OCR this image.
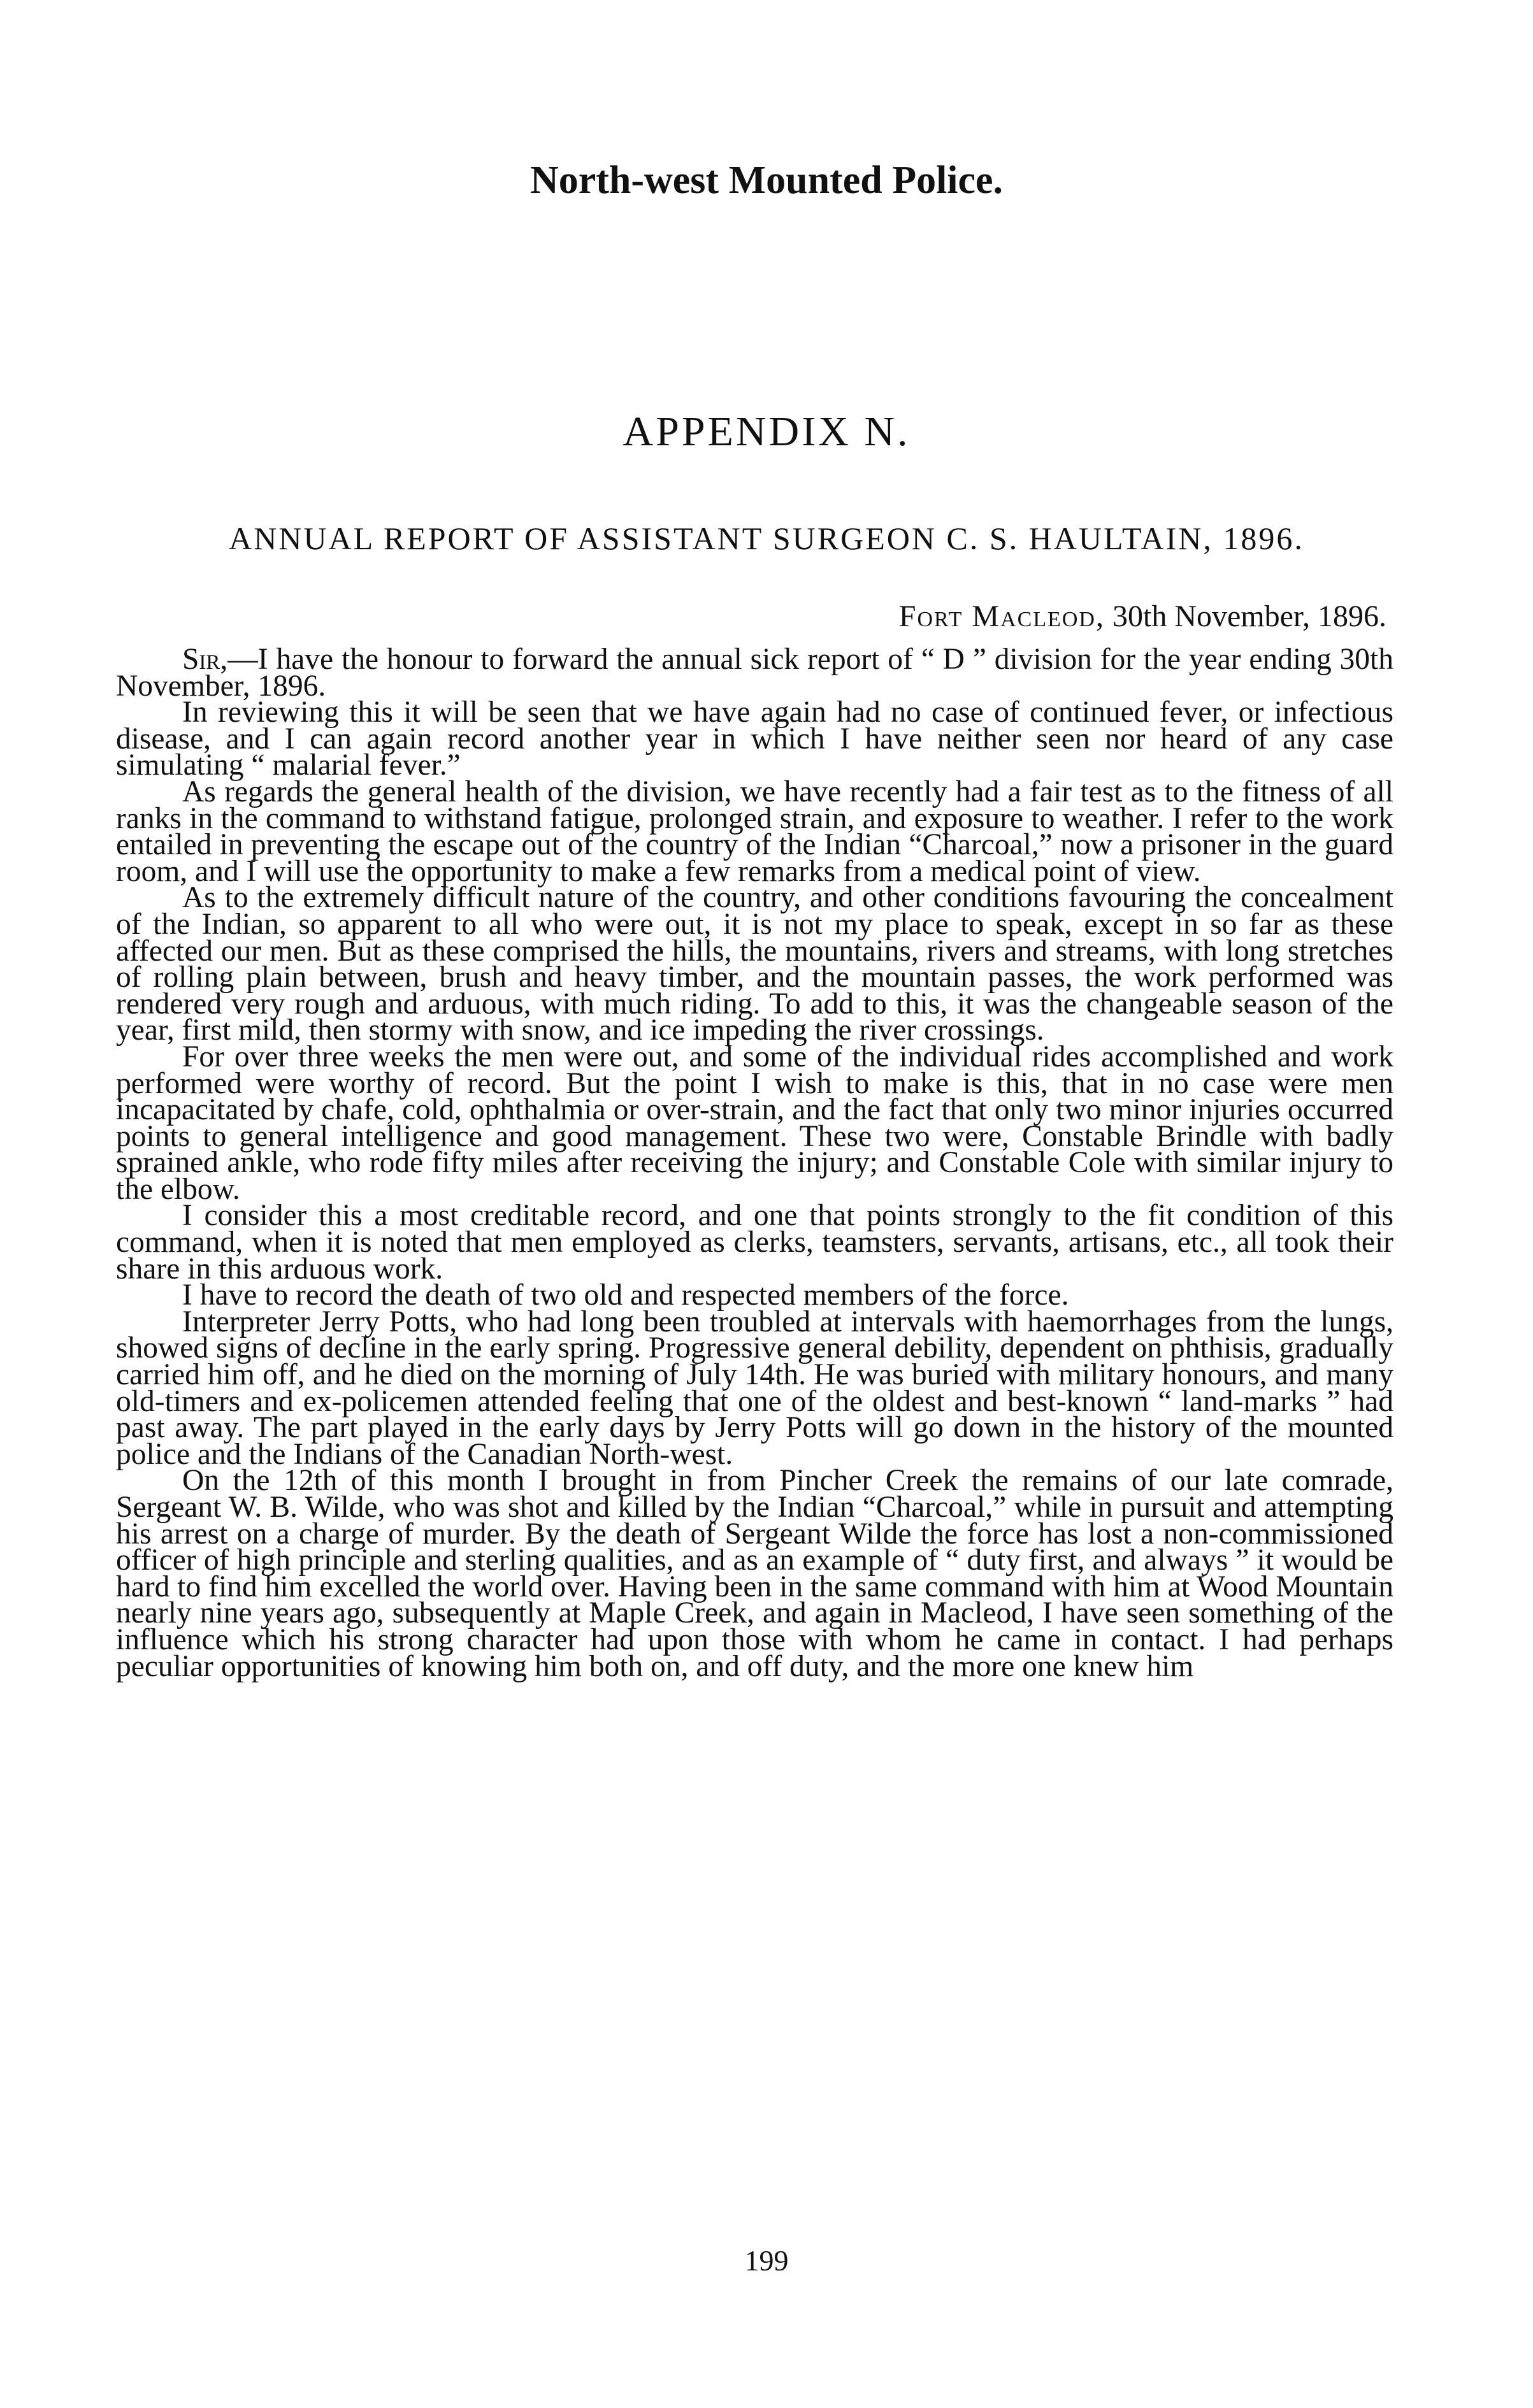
North-west Mounted Police.
APPENDIX N.
ANNUAL REPORT OF ASSISTANT SURGEON C. S. HAULTAIN, 1896.
Fort Macleod, 30th November, 1896.

Sir,—I have the honour to forward the annual sick report of “ D ” division for the year ending 30th November, 1896.

In reviewing this it will be seen that we have again had no case of continued fever, or infectious disease, and I can again record another year in which I have neither seen nor heard of any case simulating “ malarial fever.”

As regards the general health of the division, we have recently had a fair test as to the fitness of all ranks in the command to withstand fatigue, prolonged strain, and exposure to weather. I refer to the work entailed in preventing the escape out of the country of the Indian “Charcoal,” now a prisoner in the guard room, and I will use the opportunity to make a few remarks from a medical point of view.

As to the extremely difficult nature of the country, and other conditions favouring the concealment of the Indian, so apparent to all who were out, it is not my place to speak, except in so far as these affected our men. But as these comprised the hills, the mountains, rivers and streams, with long stretches of rolling plain between, brush and heavy timber, and the mountain passes, the work performed was rendered very rough and arduous, with much riding. To add to this, it was the changeable season of the year, first mild, then stormy with snow, and ice impeding the river crossings.

For over three weeks the men were out, and some of the individual rides accomplished and work performed were worthy of record. But the point I wish to make is this, that in no case were men incapacitated by chafe, cold, ophthalmia or over-strain, and the fact that only two minor injuries occurred points to general intelligence and good management. These two were, Constable Brindle with badly sprained ankle, who rode fifty miles after receiving the injury; and Constable Cole with similar injury to the elbow.

I consider this a most creditable record, and one that points strongly to the fit condition of this command, when it is noted that men employed as clerks, teamsters, servants, artisans, etc., all took their share in this arduous work.

I have to record the death of two old and respected members of the force.

Interpreter Jerry Potts, who had long been troubled at intervals with haemorrhages from the lungs, showed signs of decline in the early spring. Progressive general debility, dependent on phthisis, gradually carried him off, and he died on the morning of July 14th. He was buried with military honours, and many old-timers and ex-policemen attended feeling that one of the oldest and best-known “ land-marks ” had past away. The part played in the early days by Jerry Potts will go down in the history of the mounted police and the Indians of the Canadian North-west.

On the 12th of this month I brought in from Pincher Creek the remains of our late comrade, Sergeant W. B. Wilde, who was shot and killed by the Indian “Charcoal,” while in pursuit and attempting his arrest on a charge of murder. By the death of Sergeant Wilde the force has lost a non-commissioned officer of high principle and sterling qualities, and as an example of “ duty first, and always ” it would be hard to find him excelled the world over. Having been in the same command with him at Wood Mountain nearly nine years ago, subsequently at Maple Creek, and again in Macleod, I have seen something of the influence which his strong character had upon those with whom he came in contact. I had perhaps peculiar opportunities of knowing him both on, and off duty, and the more one knew him

199
